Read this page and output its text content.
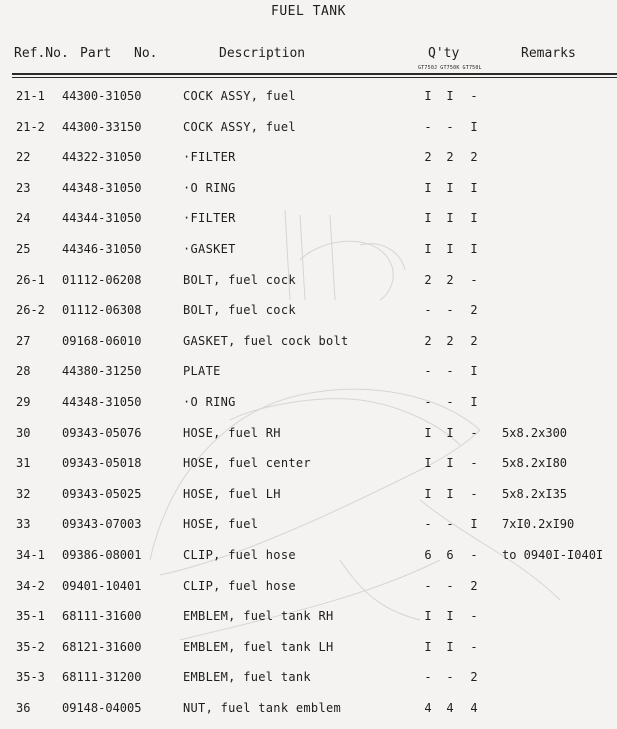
FUEL TANK
Ref.No. Part No.	Description	Q'ty	Remarks
GT750J GT750K GT750L
21-1 44300-31050	COCK ASSY, fuel	I I -
21-2 44300-33150	COCK ASSY, fuel	- - I
22	44322-31050	·FILTER	2 2 2
23	44348-31050	·O RING	I I I
24	44344-31050	·FILTER	I I I
25	44346-31050	·GASKET	I I I
26-1 01112-06208	BOLT, fuel cock	2 2 -
26-2 01112-06308	BOLT, fuel cock	- - 2
27	09168-06010	GASKET, fuel cock bolt	2 2 2
28	44380-31250	PLATE	- - I
29	44348-31050	·O RING	- - I
30	09343-05076	HOSE, fuel RH	I I - 5x8.2x300
31	09343-05018	HOSE, fuel center	I I - 5x8.2xI80
32	09343-05025	HOSE, fuel LH	I I - 5x8.2xI35
33	09343-07003	HOSE, fuel	- - I 7xI0.2xI90
34-1 09386-08001	CLIP, fuel hose	6 6 - to 0940I-I040I
34-2 09401-10401	CLIP, fuel hose	- - 2
35-1 68111-31600	EMBLEM, fuel tank RH	I I -
35-2 68121-31600	EMBLEM, fuel tank LH	I I -
35-3 68111-31200	EMBLEM, fuel tank	- - 2
36	09148-04005	NUT, fuel tank emblem	4 4 4
